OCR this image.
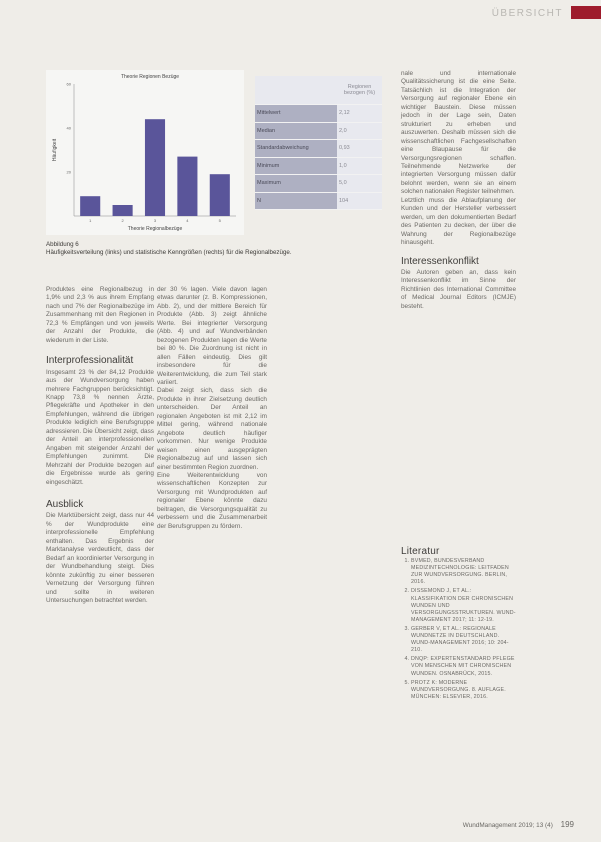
ÜBERSICHT
Theorie Regionen Bezüge
Häufigkeit
Theorie Regionalbezüge
20
40
60
1	2	3	4	5
	Regionen bezogen (%)
Mittelwert	2,12
Median	2,0
Standardabweichung	0,93
Minimum	1,0
Maximum	5,0
N	104
Abbildung 6
Häufigkeitsverteilung (links) und statistische Kenngrößen (rechts) für die Regionalbezüge.

Produktes eine Regionalbezug in 1,9% und 2,3 % aus ihrem Empfang nach und 7% der Regionalbezüge im Zusammenhang mit den Regionen in 72,3 % Empfängen und von jeweils der Anzahl der Produkte, die wiederum in der Liste.

Interprofessionalität

Insgesamt 23 % der 84,12 Produkte aus der Wundversorgung haben mehrere Fachgruppen berücksichtigt. Knapp 73,8 % nennen Ärzte, Pflegekräfte und Apotheker in den Empfehlungen, während die übrigen Produkte lediglich eine Berufsgruppe adressieren. Die Übersicht zeigt, dass der Anteil an interprofessionellen Angaben mit steigender Anzahl der Empfehlungen zunimmt. Die Mehrzahl der Produkte bezogen auf die Ergebnisse wurde als gering eingeschätzt.

Ausblick

Die Marktübersicht zeigt, dass nur 44 % der Wundprodukte eine interprofessionelle Empfehlung enthalten. Das Ergebnis der Marktanalyse verdeutlicht, dass der Bedarf an koordinierter Versorgung in der Wundbehandlung steigt. Dies könnte zukünftig zu einer besseren Vernetzung der Versorgung führen und sollte in weiteren Untersuchungen betrachtet werden.

der 30 % lagen. Viele davon lagen etwas darunter (z. B. Kompressionen, Abb. 2), und der mittlere Bereich für Produkte (Abb. 3) zeigt ähnliche Werte. Bei integrierter Versorgung (Abb. 4) und auf Wundverbänden bezogenen Produkten lagen die Werte bei 80 %. Die Zuordnung ist nicht in allen Fällen eindeutig. Dies gilt insbesondere für die Weiterentwicklung, die zum Teil stark variiert.
Dabei zeigt sich, dass sich die Produkte in ihrer Zielsetzung deutlich unterscheiden. Der Anteil an regionalen Angeboten ist mit 2,12 im Mittel gering, während nationale Angebote deutlich häufiger vorkommen. Nur wenige Produkte weisen einen ausgeprägten Regionalbezug auf und lassen sich einer bestimmten Region zuordnen.
Eine Weiterentwicklung von wissenschaftlichen Konzepten zur Versorgung mit Wundprodukten auf regionaler Ebene könnte dazu beitragen, die Versorgungsqualität zu verbessern und die Zusammenarbeit der Berufsgruppen zu fördern.

nale und internationale Qualitätssicherung ist die eine Seite. Tatsächlich ist die Integration der Versorgung auf regionaler Ebene ein wichtiger Baustein. Diese müssen jedoch in der Lage sein, Daten strukturiert zu erheben und auszuwerten. Deshalb müssen sich die wissenschaftlichen Fachgesellschaften eine Blaupause für die Versorgungsregionen schaffen. Teilnehmende Netzwerke der integrierten Versorgung müssen dafür belohnt werden, wenn sie an einem solchen nationalen Register teilnehmen.
Letztlich muss die Ablaufplanung der Kunden und der Hersteller verbessert werden, um den dokumentierten Bedarf des Patienten zu decken, der über die Wahrung der Regionalbezüge hinausgeht.

Interessenkonflikt

Die Autoren geben an, dass kein Interessenkonflikt im Sinne der Richtlinien des International Committee of Medical Journal Editors (ICMJE) besteht.

Literatur
1. BVMED, BUNDESVERBAND MEDIZINTECHNOLOGIE: LEITFADEN ZUR WUNDVERSORGUNG. BERLIN, 2016.
2. DISSEMOND J, ET AL.: KLASSIFIKATION DER CHRONISCHEN WUNDEN UND VERSORGUNGSSTRUKTUREN. WUND-MANAGEMENT 2017; 11: 12-19.
3. GERBER V, ET AL.: REGIONALE WUNDNETZE IN DEUTSCHLAND. WUND-MANAGEMENT 2016; 10: 204-210.
4. DNQP: EXPERTENSTANDARD PFLEGE VON MENSCHEN MIT CHRONISCHEN WUNDEN. OSNABRÜCK, 2015.
5. PROTZ K: MODERNE WUNDVERSORGUNG. 8. AUFLAGE. MÜNCHEN: ELSEVIER, 2016.
WundManagement 2019; 13 (4) 199
